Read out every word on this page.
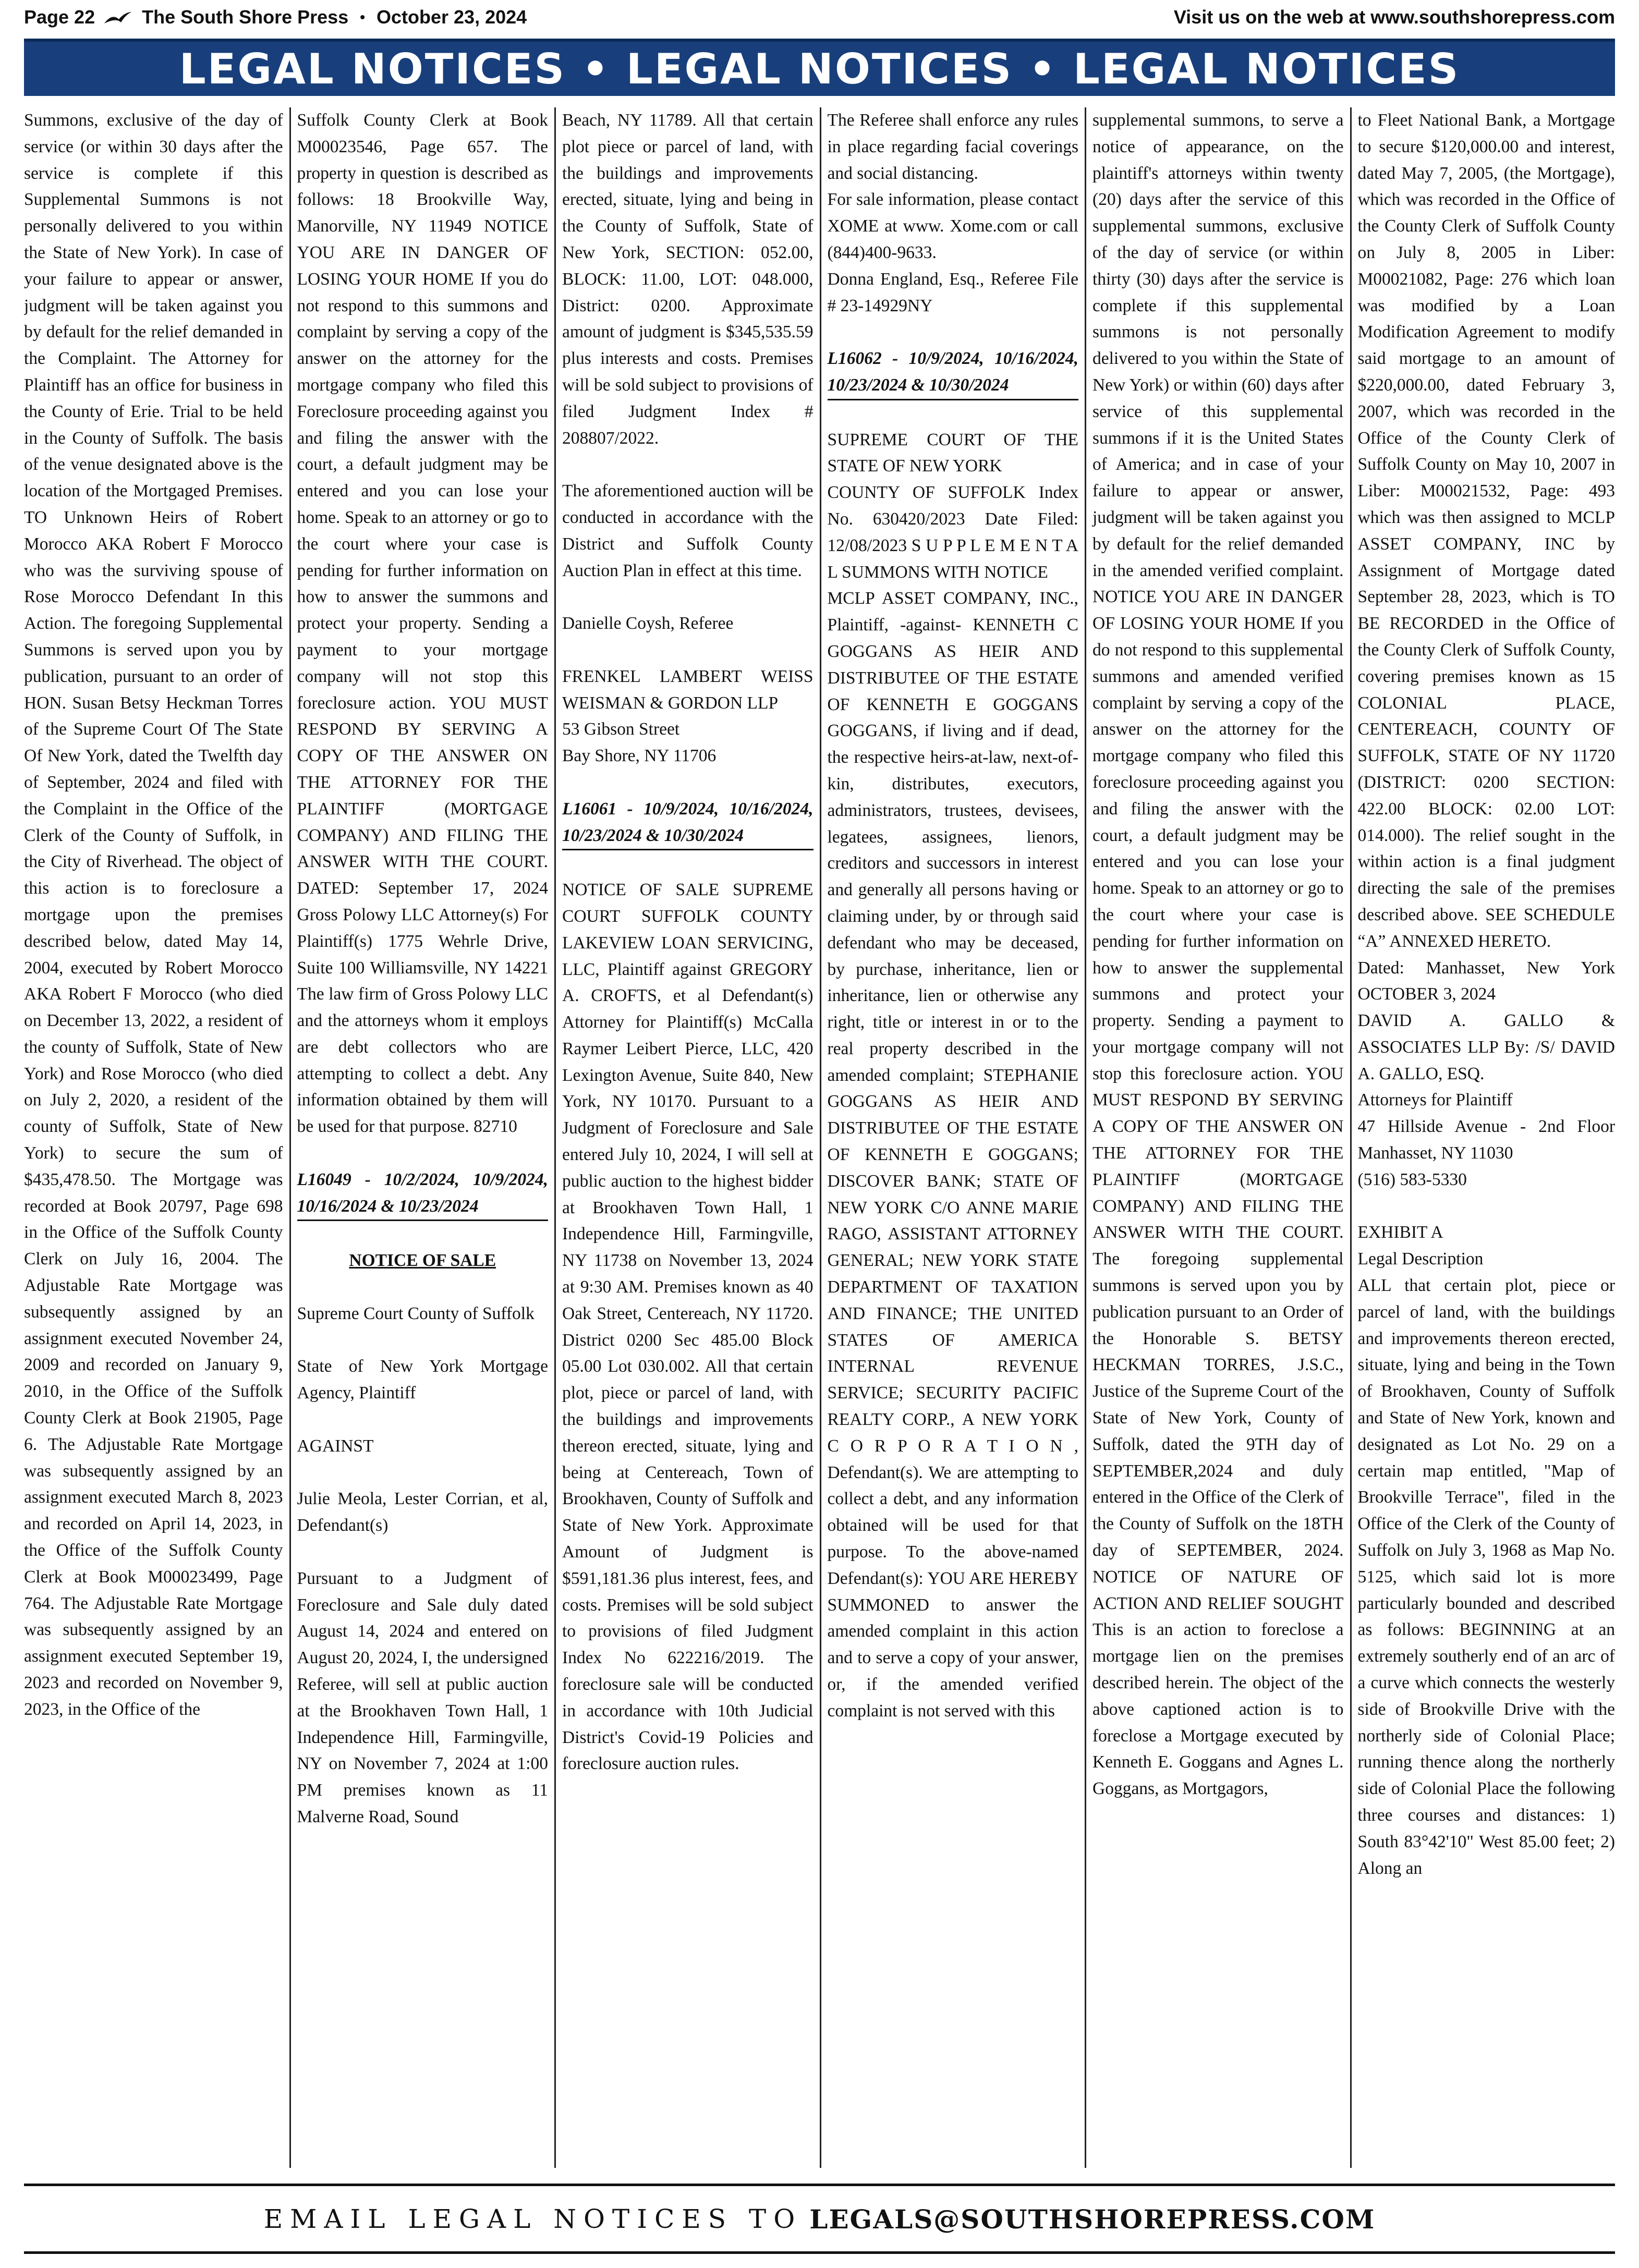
Page 22	The South Shore Press • October 23, 2024	Visit us on the web at www.southshorepress.com
LEGAL NOTICES • LEGAL NOTICES • LEGAL NOTICES

Summons, exclusive of the day of service (or within 30 days after the service is complete if this Supplemental Summons is not personally delivered to you within the State of New York). In case of your failure to appear or answer, judgment will be taken against you by default for the relief demanded in the Complaint. The Attorney for Plaintiff has an office for business in the County of Erie. Trial to be held in the County of Suffolk. The basis of the venue designated above is the location of the Mortgaged Premises. TO Unknown Heirs of Robert Morocco AKA Robert F Morocco who was the surviving spouse of Rose Morocco Defendant In this Action. The foregoing Supplemental Summons is served upon you by publication, pursuant to an order of HON. Susan Betsy Heckman Torres of the Supreme Court Of The State Of New York, dated the Twelfth day of September, 2024 and filed with the Complaint in the Office of the Clerk of the County of Suffolk, in the City of Riverhead. The object of this action is to foreclosure a mortgage upon the premises described below, dated May 14, 2004, executed by Robert Morocco AKA Robert F Morocco (who died on December 13, 2022, a resident of the county of Suffolk, State of New York) and Rose Morocco (who died on July 2, 2020, a resident of the county of Suffolk, State of New York) to secure the sum of $435,478.50. The Mortgage was recorded at Book 20797, Page 698 in the Office of the Suffolk County Clerk on July 16, 2004. The Adjustable Rate Mortgage was subsequently assigned by an assignment executed November 24, 2009 and recorded on January 9, 2010, in the Office of the Suffolk County Clerk at Book 21905, Page 6. The Adjustable Rate Mortgage was subsequently assigned by an assignment executed March 8, 2023 and recorded on April 14, 2023, in the Office of the Suffolk County Clerk at Book M00023499, Page 764. The Adjustable Rate Mortgage was subsequently assigned by an assignment executed September 19, 2023 and recorded on November 9, 2023, in the Office of the

Suffolk County Clerk at Book M00023546, Page 657. The property in question is described as follows: 18 Brookville Way, Manorville, NY 11949 NOTICE YOU ARE IN DANGER OF LOSING YOUR HOME If you do not respond to this summons and complaint by serving a copy of the answer on the attorney for the mortgage company who filed this Foreclosure proceeding against you and filing the answer with the court, a default judgment may be entered and you can lose your home. Speak to an attorney or go to the court where your case is pending for further information on how to answer the summons and protect your property. Sending a payment to your mortgage company will not stop this foreclosure action. YOU MUST RESPOND BY SERVING A COPY OF THE ANSWER ON THE ATTORNEY FOR THE PLAINTIFF (MORTGAGE COMPANY) AND FILING THE ANSWER WITH THE COURT. DATED: September 17, 2024 Gross Polowy LLC Attorney(s) For Plaintiff(s) 1775 Wehrle Drive, Suite 100 Williamsville, NY 14221 The law firm of Gross Polowy LLC and the attorneys whom it employs are debt collectors who are attempting to collect a debt. Any information obtained by them will be used for that purpose. 82710

L16049 - 10/2/2024, 10/9/2024, 10/16/2024 & 10/23/2024

NOTICE OF SALE

Supreme Court County of Suffolk

State of New York Mortgage Agency, Plaintiff

AGAINST

Julie Meola, Lester Corrian, et al, Defendant(s)

Pursuant to a Judgment of Foreclosure and Sale duly dated August 14, 2024 and entered on August 20, 2024, I, the undersigned Referee, will sell at public auction at the Brookhaven Town Hall, 1 Independence Hill, Farmingville, NY on November 7, 2024 at 1:00 PM premises known as 11 Malverne Road, Sound

Beach, NY 11789. All that certain plot piece or parcel of land, with the buildings and improvements erected, situate, lying and being in the County of Suffolk, State of New York, SECTION: 052.00, BLOCK: 11.00, LOT: 048.000, District: 0200. Approximate amount of judgment is $345,535.59 plus interests and costs. Premises will be sold subject to provisions of filed Judgment Index # 208807/2022.

The aforementioned auction will be conducted in accordance with the District and Suffolk County Auction Plan in effect at this time.

Danielle Coysh, Referee

FRENKEL LAMBERT WEISS WEISMAN & GORDON LLP

53 Gibson Street

Bay Shore, NY 11706

L16061 - 10/9/2024, 10/16/2024, 10/23/2024 & 10/30/2024

NOTICE OF SALE SUPREME COURT SUFFOLK COUNTY LAKEVIEW LOAN SERVICING, LLC, Plaintiff against GREGORY A. CROFTS, et al Defendant(s) Attorney for Plaintiff(s) McCalla Raymer Leibert Pierce, LLC, 420 Lexington Avenue, Suite 840, New York, NY 10170. Pursuant to a Judgment of Foreclosure and Sale entered July 10, 2024, I will sell at public auction to the highest bidder at Brookhaven Town Hall, 1 Independence Hill, Farmingville, NY 11738 on November 13, 2024 at 9:30 AM. Premises known as 40 Oak Street, Centereach, NY 11720. District 0200 Sec 485.00 Block 05.00 Lot 030.002. All that certain plot, piece or parcel of land, with the buildings and improvements thereon erected, situate, lying and being at Centereach, Town of Brookhaven, County of Suffolk and State of New York. Approximate Amount of Judgment is $591,181.36 plus interest, fees, and costs. Premises will be sold subject to provisions of filed Judgment Index No 622216/2019. The foreclosure sale will be conducted in accordance with 10th Judicial District's Covid-19 Policies and foreclosure auction rules.

The Referee shall enforce any rules in place regarding facial coverings and social distancing.

For sale information, please contact XOME at www. Xome.com or call (844)400-9633.

Donna England, Esq., Referee File # 23-14929NY

L16062 - 10/9/2024, 10/16/2024, 10/23/2024 & 10/30/2024

SUPREME COURT OF THE STATE OF NEW YORK

COUNTY OF SUFFOLK Index No. 630420/2023 Date Filed: 12/08/2023 S U P P L E M E N T A L SUMMONS WITH NOTICE

MCLP ASSET COMPANY, INC., Plaintiff, -against- KENNETH C GOGGANS AS HEIR AND DISTRIBUTEE OF THE ESTATE OF KENNETH E GOGGANS GOGGANS, if living and if dead, the respective heirs-at-law, next-of-kin, distributes, executors, administrators, trustees, devisees, legatees, assignees, lienors, creditors and successors in interest and generally all persons having or claiming under, by or through said defendant who may be deceased, by purchase, inheritance, lien or inheritance, lien or otherwise any right, title or interest in or to the real property described in the amended complaint; STEPHANIE GOGGANS AS HEIR AND DISTRIBUTEE OF THE ESTATE OF KENNETH E GOGGANS; DISCOVER BANK; STATE OF NEW YORK C/O ANNE MARIE RAGO, ASSISTANT ATTORNEY GENERAL; NEW YORK STATE DEPARTMENT OF TAXATION AND FINANCE; THE UNITED STATES OF AMERICA INTERNAL REVENUE SERVICE; SECURITY PACIFIC REALTY CORP., A NEW YORK C O R P O R A T I O N , Defendant(s). We are attempting to collect a debt, and any information obtained will be used for that purpose. To the above-named Defendant(s): YOU ARE HEREBY SUMMONED to answer the amended complaint in this action and to serve a copy of your answer, or, if the amended verified complaint is not served with this

supplemental summons, to serve a notice of appearance, on the plaintiff's attorneys within twenty (20) days after the service of this supplemental summons, exclusive of the day of service (or within thirty (30) days after the service is complete if this supplemental summons is not personally delivered to you within the State of New York) or within (60) days after service of this supplemental summons if it is the United States of America; and in case of your failure to appear or answer, judgment will be taken against you by default for the relief demanded in the amended verified complaint. NOTICE YOU ARE IN DANGER OF LOSING YOUR HOME If you do not respond to this supplemental summons and amended verified complaint by serving a copy of the answer on the attorney for the mortgage company who filed this foreclosure proceeding against you and filing the answer with the court, a default judgment may be entered and you can lose your home. Speak to an attorney or go to the court where your case is pending for further information on how to answer the supplemental summons and protect your property. Sending a payment to your mortgage company will not stop this foreclosure action. YOU MUST RESPOND BY SERVING A COPY OF THE ANSWER ON THE ATTORNEY FOR THE PLAINTIFF (MORTGAGE COMPANY) AND FILING THE ANSWER WITH THE COURT. The foregoing supplemental summons is served upon you by publication pursuant to an Order of the Honorable S. BETSY HECKMAN TORRES, J.S.C., Justice of the Supreme Court of the State of New York, County of Suffolk, dated the 9TH day of SEPTEMBER,2024 and duly entered in the Office of the Clerk of the County of Suffolk on the 18TH day of SEPTEMBER, 2024. NOTICE OF NATURE OF ACTION AND RELIEF SOUGHT This is an action to foreclose a mortgage lien on the premises described herein. The object of the above captioned action is to foreclose a Mortgage executed by Kenneth E. Goggans and Agnes L. Goggans, as Mortgagors,

to Fleet National Bank, a Mortgage to secure $120,000.00 and interest, dated May 7, 2005, (the Mortgage), which was recorded in the Office of the County Clerk of Suffolk County on July 8, 2005 in Liber: M00021082, Page: 276 which loan was modified by a Loan Modification Agreement to modify said mortgage to an amount of $220,000.00, dated February 3, 2007, which was recorded in the Office of the County Clerk of Suffolk County on May 10, 2007 in Liber: M00021532, Page: 493 which was then assigned to MCLP ASSET COMPANY, INC by Assignment of Mortgage dated September 28, 2023, which is TO BE RECORDED in the Office of the County Clerk of Suffolk County, covering premises known as 15 COLONIAL PLACE, CENTEREACH, COUNTY OF SUFFOLK, STATE OF NY 11720 (DISTRICT: 0200 SECTION: 422.00 BLOCK: 02.00 LOT: 014.000). The relief sought in the within action is a final judgment directing the sale of the premises described above. SEE SCHEDULE “A” ANNEXED HERETO.

Dated: Manhasset, New York OCTOBER 3, 2024

DAVID A. GALLO & ASSOCIATES LLP By: /S/ DAVID A. GALLO, ESQ.

Attorneys for Plaintiff

47 Hillside Avenue - 2nd Floor Manhasset, NY 11030

(516) 583-5330

EXHIBIT A

Legal Description

ALL that certain plot, piece or parcel of land, with the buildings and improvements thereon erected, situate, lying and being in the Town of Brookhaven, County of Suffolk and State of New York, known and designated as Lot No. 29 on a certain map entitled, "Map of Brookville Terrace", filed in the Office of the Clerk of the County of Suffolk on July 3, 1968 as Map No. 5125, which said lot is more particularly bounded and described as follows: BEGINNING at an extremely southerly end of an arc of a curve which connects the westerly side of Brookville Drive with the northerly side of Colonial Place; running thence along the northerly side of Colonial Place the following three courses and distances: 1) South 83°42'10" West 85.00 feet; 2) Along an

EMAIL LEGAL NOTICES TO LEGALS@SOUTHSHOREPRESS.COM
